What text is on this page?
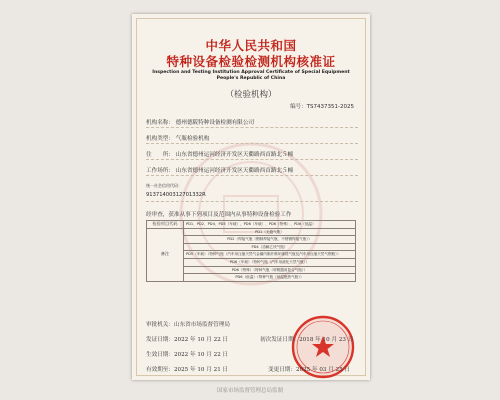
中华人民共和国
特种设备检验检测机构核准证
Inspection and Testing Institution Approval Certificate of Special Equipment
People's Republic of China
（检验机构）
编号：TS7437351-2025
机构名称： 德州德阪特种设备检测有限公司
机构类型： 气瓶检验机构
住　　所： 山东省德州运河经济开发区天衢路西首路北５幢
工作场所： 山东省德州运河经济开发区天衢路西首路北５幢
统一社会信用代码：
91371400312701332R
经审查，获准从事下列项目及范围内从事特种设备检验工作
检验项目代码	PD1、PD2、PD4、PD5（车载）、PD6（车载）、PD6（特殊）、PD6（低温）
备注	PD1（无缝气瓶）
	PD2（焊接气瓶（钢制焊接气瓶、不锈钢焊接气瓶））
	PD4（溶解乙炔气瓶）
	PD5（车载）（特种气瓶（汽车用压缩天然气金属内胆纤维环缠绕气瓶及汽车用压缩天然气钢瓶））
	PD6（车载）（特种气瓶（汽车用液化天然气瓶））
	PD6（特殊）（特种气瓶（呼吸器用复合气瓶））
	PD6（低温）（特种气瓶（低温绝热气瓶））
审批机关：山东省市场监督管理局
发证日期：2022 年 10 月 22 日
生效日期：2022 年 10 月 22 日
有效期至：2025 年 10 月 21 日
初次发证日期：2018 年 10 月 23 日
变更日期：2025 年 03 月 25 日
国家市场监督管理总局监制
